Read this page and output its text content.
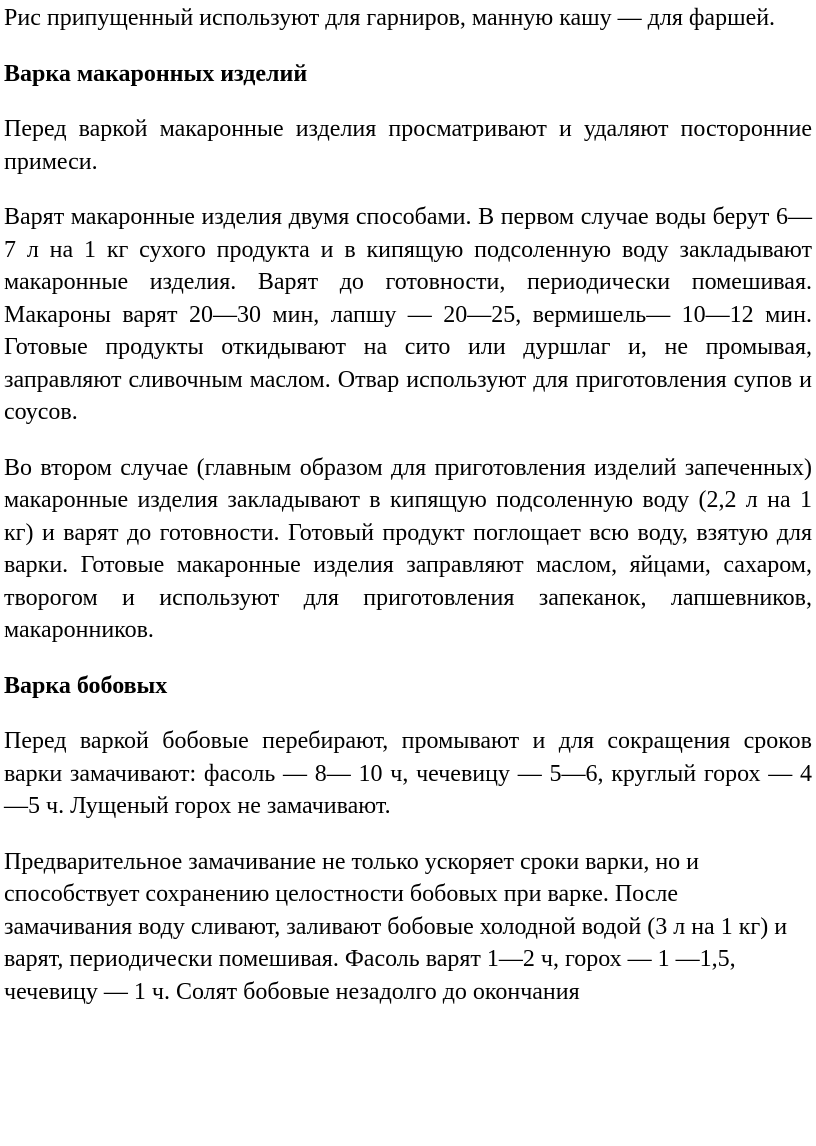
Рис припущенный используют для гарниров, манную кашу — для фаршей.

Варка макаронных изделий

Перед варкой макаронные изделия просматривают и удаляют посторонние примеси.

Варят макаронные изделия двумя способами. В первом случае воды берут 6—7 л на 1 кг сухого продукта и в кипящую подсоленную воду закладывают макаронные изделия. Варят до готовности, периодически помешивая. Макароны варят 20—30 мин, лапшу — 20—25, вермишель— 10—12 мин. Готовые продукты откидывают на сито или дуршлаг и, не промывая, заправляют сливочным маслом. Отвар используют для приготовления супов и соусов.

Во втором случае (главным образом для приготовления изделий запеченных) макаронные изделия закладывают в кипящую подсоленную воду (2,2 л на 1 кг) и варят до готовности. Готовый продукт поглощает всю воду, взятую для варки. Готовые макаронные изделия заправляют маслом, яйцами, сахаром, творогом и используют для приготовления запеканок, лапшевников, макаронников.

Варка бобовых

Перед варкой бобовые перебирают, промывают и для сокращения сроков варки замачивают: фасоль — 8— 10 ч, чечевицу — 5—6, круглый горох — 4—5 ч. Лущеный горох не замачивают.

Предварительное замачивание не только ускоряет сроки варки, но и способствует сохранению целостности бобовых при варке. После замачивания воду сливают, заливают бобовые холодной водой (3 л на 1 кг) и варят, периодически помешивая. Фасоль варят 1—2 ч, горох — 1 —1,5, чечевицу — 1 ч. Солят бобовые незадолго до окончания
